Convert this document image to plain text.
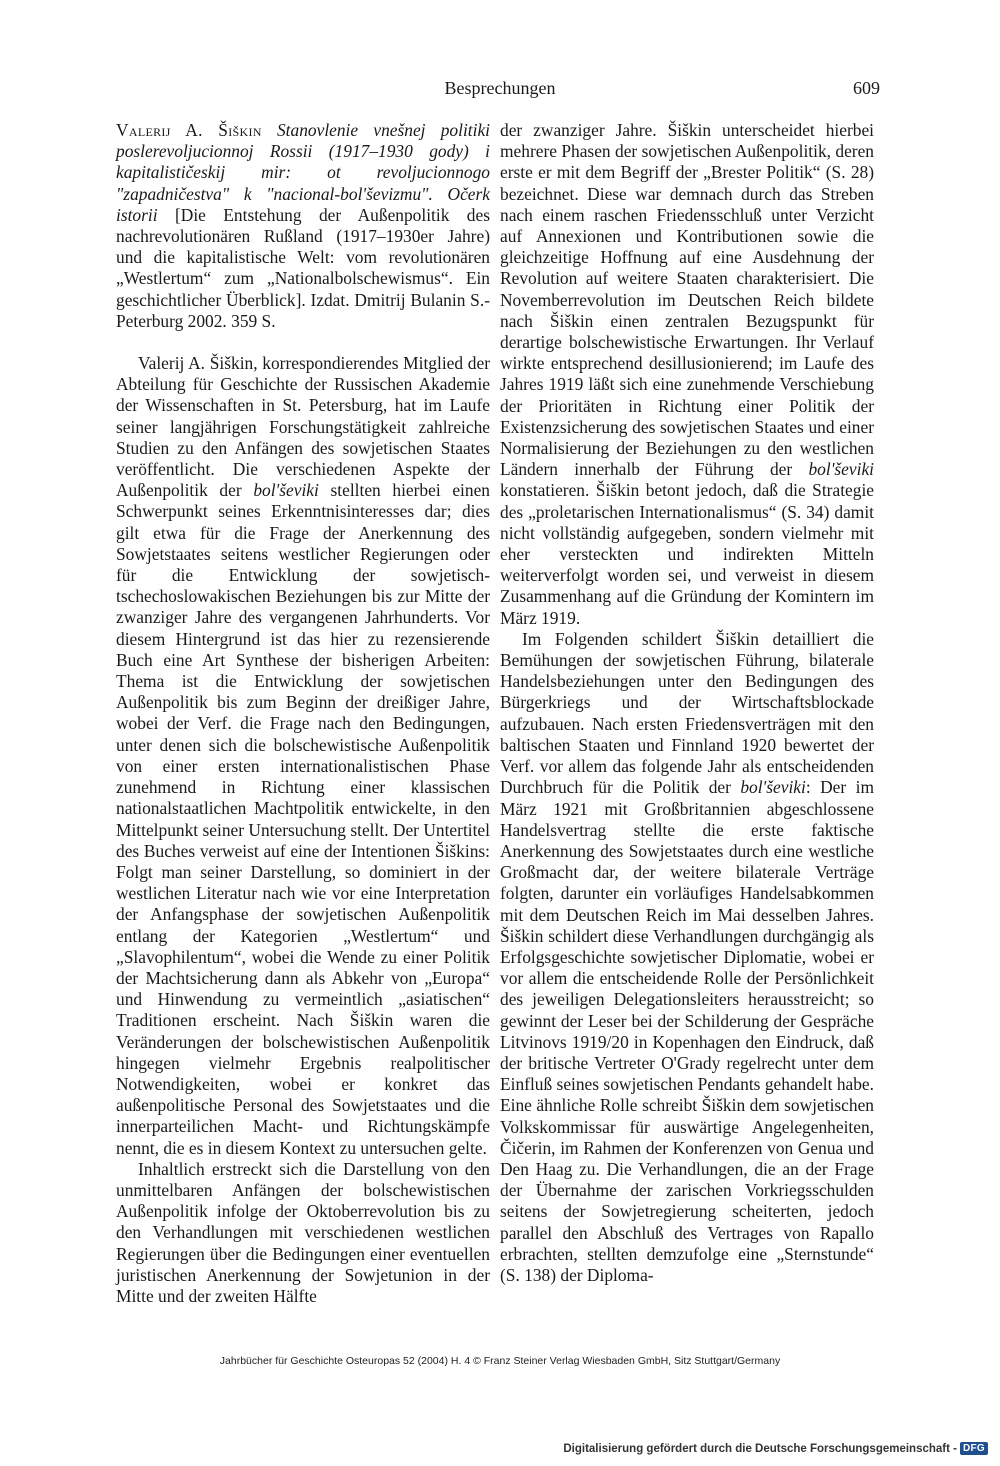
Besprechungen	609

Valerij A. Šiškin Stanovlenie vnešnej politiki poslerevoljucionnoj Rossii (1917–1930 gody) i kapitalističeskij mir: ot revoljucionnogo "zapadničestva" k "nacional-bol'ševizmu". Očerk istorii [Die Entstehung der Außenpolitik des nachrevolutionären Rußland (1917–1930er Jahre) und die kapitalistische Welt: vom revolutionären „Westlertum“ zum „Nationalbolschewismus“. Ein geschichtlicher Überblick]. Izdat. Dmitrij Bulanin S.-Peterburg 2002. 359 S.

Valerij A. Šiškin, korrespondierendes Mitglied der Abteilung für Geschichte der Russischen Akademie der Wissenschaften in St. Petersburg, hat im Laufe seiner langjährigen Forschungstätigkeit zahlreiche Studien zu den Anfängen des sowjetischen Staates veröffentlicht. Die verschiedenen Aspekte der Außenpolitik der bol'ševiki stellten hierbei einen Schwerpunkt seines Erkenntnisinteresses dar; dies gilt etwa für die Frage der Anerkennung des Sowjetstaates seitens westlicher Regierungen oder für die Entwicklung der sowjetisch-tschechoslowakischen Beziehungen bis zur Mitte der zwanziger Jahre des vergangenen Jahrhunderts. Vor diesem Hintergrund ist das hier zu rezensierende Buch eine Art Synthese der bisherigen Arbeiten: Thema ist die Entwicklung der sowjetischen Außenpolitik bis zum Beginn der dreißiger Jahre, wobei der Verf. die Frage nach den Bedingungen, unter denen sich die bolschewistische Außenpolitik von einer ersten internationalistischen Phase zunehmend in Richtung einer klassischen nationalstaatlichen Machtpolitik entwickelte, in den Mittelpunkt seiner Untersuchung stellt. Der Untertitel des Buches verweist auf eine der Intentionen Šiškins: Folgt man seiner Darstellung, so dominiert in der westlichen Literatur nach wie vor eine Interpretation der Anfangsphase der sowjetischen Außenpolitik entlang der Kategorien „Westlertum“ und „Slavophilentum“, wobei die Wende zu einer Politik der Machtsicherung dann als Abkehr von „Europa“ und Hinwendung zu vermeintlich „asiatischen“ Traditionen erscheint. Nach Šiškin waren die Veränderungen der bolschewistischen Außenpolitik hingegen vielmehr Ergebnis realpolitischer Notwendigkeiten, wobei er konkret das außenpolitische Personal des Sowjetstaates und die innerparteilichen Macht- und Richtungskämpfe nennt, die es in diesem Kontext zu untersuchen gelte.

Inhaltlich erstreckt sich die Darstellung von den unmittelbaren Anfängen der bolschewistischen Außenpolitik infolge der Oktoberrevolution bis zu den Verhandlungen mit verschiedenen westlichen Regierungen über die Bedingungen einer eventuellen juristischen Anerkennung der Sowjetunion in der Mitte und der zweiten Hälfte

der zwanziger Jahre. Šiškin unterscheidet hierbei mehrere Phasen der sowjetischen Außenpolitik, deren erste er mit dem Begriff der „Brester Politik“ (S. 28) bezeichnet. Diese war demnach durch das Streben nach einem raschen Friedensschluß unter Verzicht auf Annexionen und Kontributionen sowie die gleichzeitige Hoffnung auf eine Ausdehnung der Revolution auf weitere Staaten charakterisiert. Die Novemberrevolution im Deutschen Reich bildete nach Šiškin einen zentralen Bezugspunkt für derartige bolschewistische Erwartungen. Ihr Verlauf wirkte entsprechend desillusionierend; im Laufe des Jahres 1919 läßt sich eine zunehmende Verschiebung der Prioritäten in Richtung einer Politik der Existenzsicherung des sowjetischen Staates und einer Normalisierung der Beziehungen zu den westlichen Ländern innerhalb der Führung der bol'ševiki konstatieren. Šiškin betont jedoch, daß die Strategie des „proletarischen Internationalismus“ (S. 34) damit nicht vollständig aufgegeben, sondern vielmehr mit eher versteckten und indirekten Mitteln weiterverfolgt worden sei, und verweist in diesem Zusammenhang auf die Gründung der Komintern im März 1919.

Im Folgenden schildert Šiškin detailliert die Bemühungen der sowjetischen Führung, bilaterale Handelsbeziehungen unter den Bedingungen des Bürgerkriegs und der Wirtschaftsblockade aufzubauen. Nach ersten Friedensverträgen mit den baltischen Staaten und Finnland 1920 bewertet der Verf. vor allem das folgende Jahr als entscheidenden Durchbruch für die Politik der bol'ševiki: Der im März 1921 mit Großbritannien abgeschlossene Handelsvertrag stellte die erste faktische Anerkennung des Sowjetstaates durch eine westliche Großmacht dar, der weitere bilaterale Verträge folgten, darunter ein vorläufiges Handelsabkommen mit dem Deutschen Reich im Mai desselben Jahres. Šiškin schildert diese Verhandlungen durchgängig als Erfolgsgeschichte sowjetischer Diplomatie, wobei er vor allem die entscheidende Rolle der Persönlichkeit des jeweiligen Delegationsleiters herausstreicht; so gewinnt der Leser bei der Schilderung der Gespräche Litvinovs 1919/20 in Kopenhagen den Eindruck, daß der britische Vertreter O'Grady regelrecht unter dem Einfluß seines sowjetischen Pendants gehandelt habe. Eine ähnliche Rolle schreibt Šiškin dem sowjetischen Volkskommissar für auswärtige Angelegenheiten, Čičerin, im Rahmen der Konferenzen von Genua und Den Haag zu. Die Verhandlungen, die an der Frage der Übernahme der zarischen Vorkriegsschulden seitens der Sowjetregierung scheiterten, jedoch parallel den Abschluß des Vertrages von Rapallo erbrachten, stellten demzufolge eine „Sternstunde“ (S. 138) der Diploma-

Jahrbücher für Geschichte Osteuropas 52 (2004) H. 4 © Franz Steiner Verlag Wiesbaden GmbH, Sitz Stuttgart/Germany
Digitalisierung gefördert durch die Deutsche Forschungsgemeinschaft - DFG
